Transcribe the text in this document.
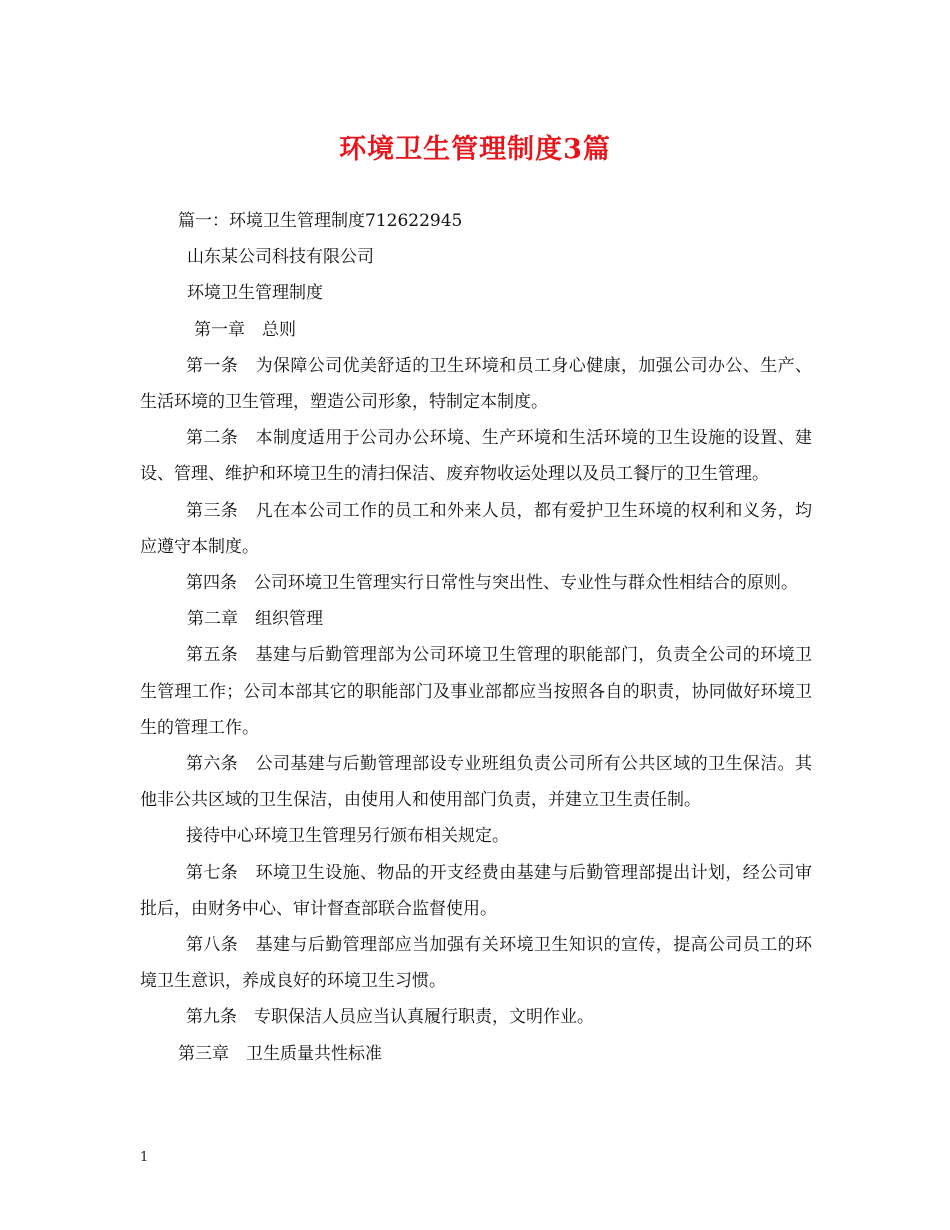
环境卫生管理制度3篇

篇一：环境卫生管理制度712622945

山东某公司科技有限公司

环境卫生管理制度

第一章　总则

第一条　为保障公司优美舒适的卫生环境和员工身心健康，加强公司办公、生产、生活环境的卫生管理，塑造公司形象，特制定本制度。

第二条　本制度适用于公司办公环境、生产环境和生活环境的卫生设施的设置、建设、管理、维护和环境卫生的清扫保洁、废弃物收运处理以及员工餐厅的卫生管理。

第三条　凡在本公司工作的员工和外来人员，都有爱护卫生环境的权利和义务，均应遵守本制度。

第四条　公司环境卫生管理实行日常性与突出性、专业性与群众性相结合的原则。

第二章　组织管理

第五条　基建与后勤管理部为公司环境卫生管理的职能部门，负责全公司的环境卫生管理工作；公司本部其它的职能部门及事业部都应当按照各自的职责，协同做好环境卫生的管理工作。

第六条　公司基建与后勤管理部设专业班组负责公司所有公共区域的卫生保洁。其他非公共区域的卫生保洁，由使用人和使用部门负责，并建立卫生责任制。

接待中心环境卫生管理另行颁布相关规定。

第七条　环境卫生设施、物品的开支经费由基建与后勤管理部提出计划，经公司审批后，由财务中心、审计督查部联合监督使用。

第八条　基建与后勤管理部应当加强有关环境卫生知识的宣传，提高公司员工的环境卫生意识，养成良好的环境卫生习惯。

第九条　专职保洁人员应当认真履行职责，文明作业。

第三章　卫生质量共性标准

1
